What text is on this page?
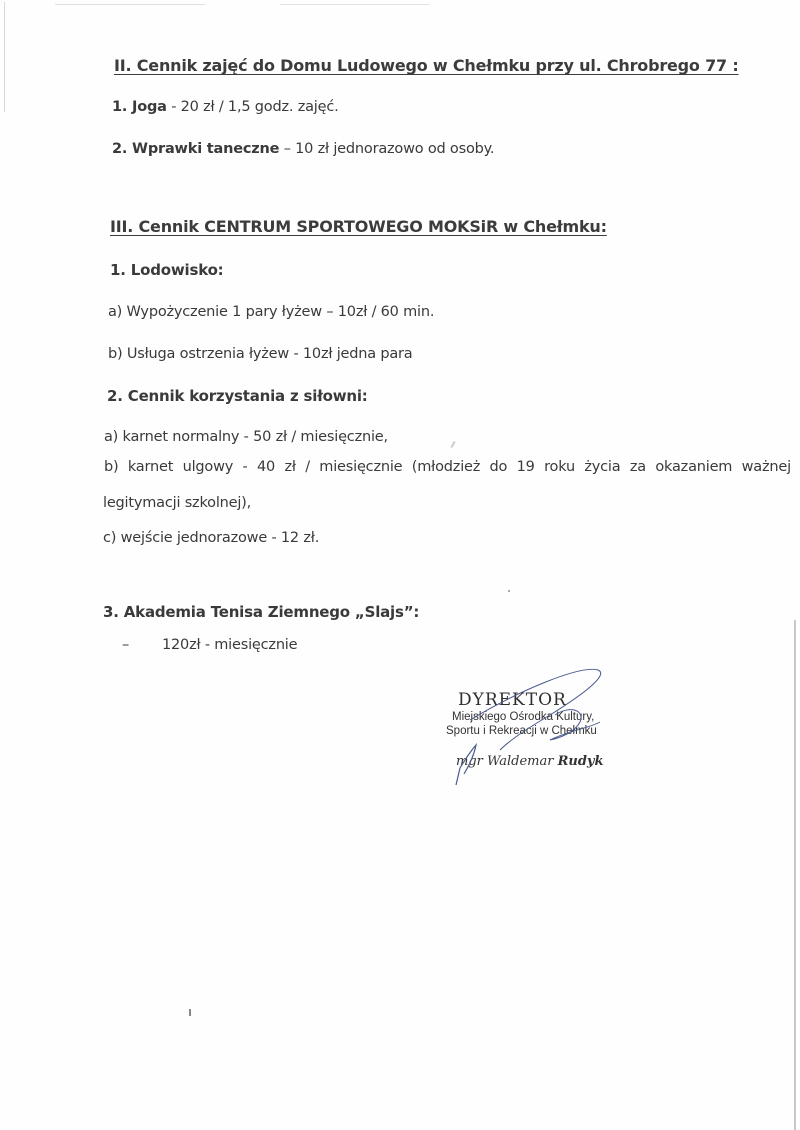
II. Cennik zajęć do Domu Ludowego w Chełmku przy ul. Chrobrego 77 :
1. Joga - 20 zł / 1,5 godz. zajęć.
2. Wprawki taneczne – 10 zł jednorazowo od osoby.
III. Cennik CENTRUM SPORTOWEGO MOKSiR w Chełmku:
1. Lodowisko:
a) Wypożyczenie 1 pary łyżew – 10zł / 60 min.
b) Usługa ostrzenia łyżew - 10zł jedna para
2. Cennik korzystania z siłowni:
a) karnet normalny - 50 zł / miesięcznie,
b) karnet ulgowy - 40 zł / miesięcznie (młodzież do 19 roku życia za okazaniem ważnej
legitymacji szkolnej),
c) wejście jednorazowe - 12 zł.
3. Akademia Tenisa Ziemnego „Slajs”:
– 120zł - miesięcznie
DYREKTOR
Miejskiego Ośrodka Kultury,
Sportu i Rekreacji w Chełmku
mgr Waldemar Rudyk
